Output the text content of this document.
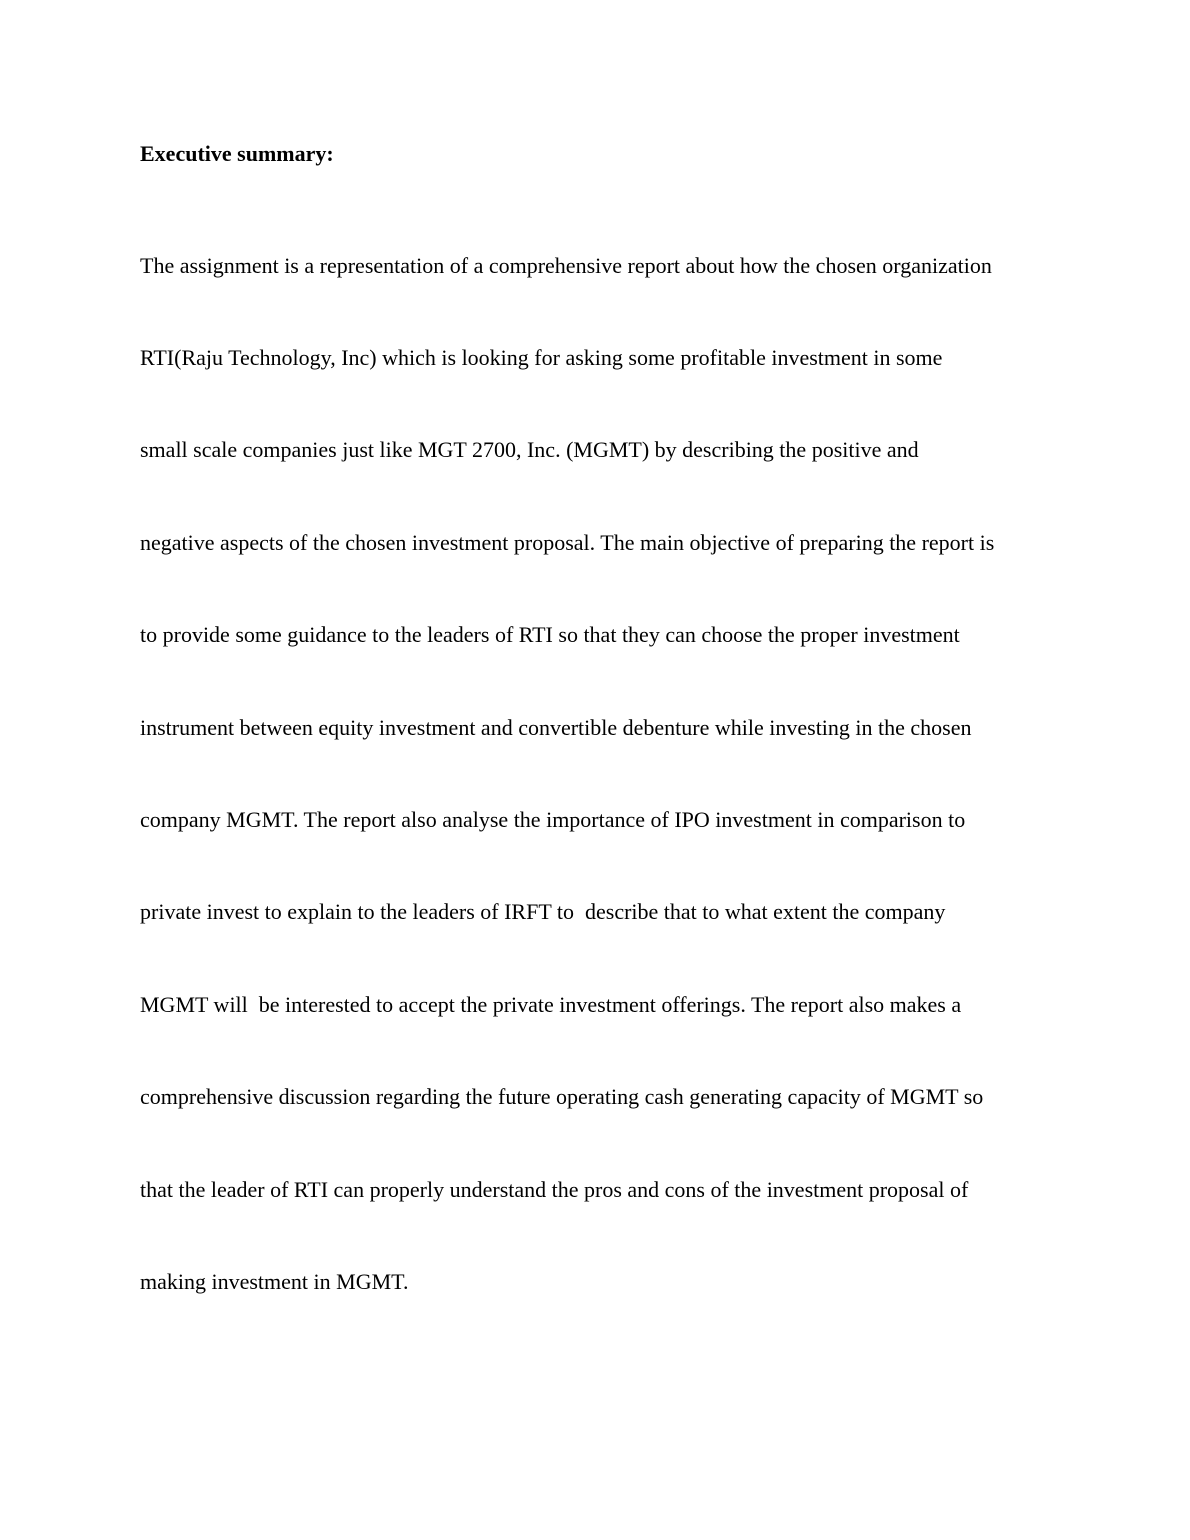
Executive summary:

The assignment is a representation of a comprehensive report about how the chosen organization

RTI(Raju Technology, Inc) which is looking for asking some profitable investment in some

small scale companies just like MGT 2700, Inc. (MGMT) by describing the positive and

negative aspects of the chosen investment proposal. The main objective of preparing the report is

to provide some guidance to the leaders of RTI so that they can choose the proper investment

instrument between equity investment and convertible debenture while investing in the chosen

company MGMT. The report also analyse the importance of IPO investment in comparison to

private invest to explain to the leaders of IRFT to  describe that to what extent the company

MGMT will  be interested to accept the private investment offerings. The report also makes a

comprehensive discussion regarding the future operating cash generating capacity of MGMT so

that the leader of RTI can properly understand the pros and cons of the investment proposal of

making investment in MGMT.
